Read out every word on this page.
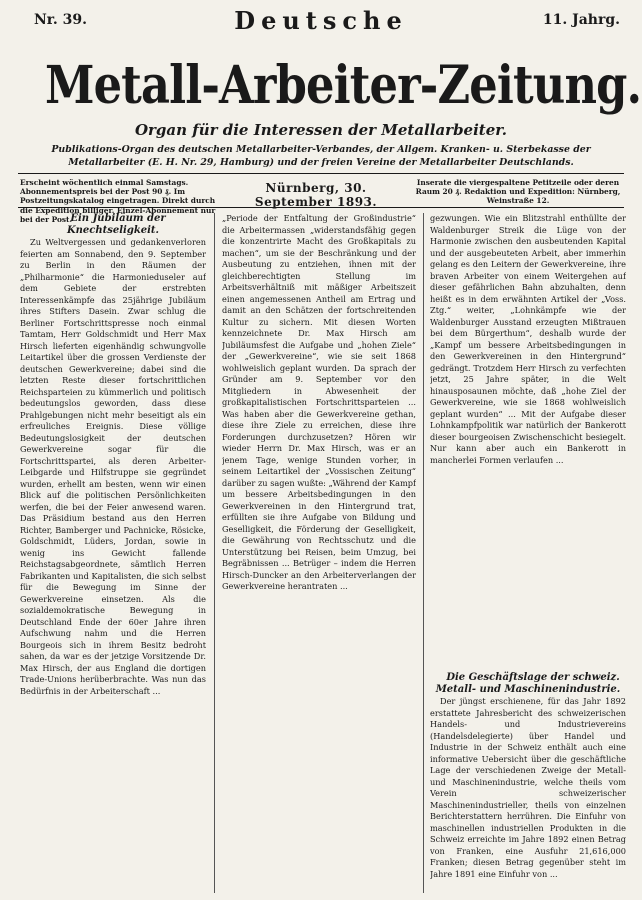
Nr. 39.	Deutsche	11. Jahrg.
Metall-Arbeiter-Zeitung.
Organ für die Interessen der Metallarbeiter.
Publikations-Organ des deutschen Metallarbeiter-Verbandes, der Allgem. Kranken- u. Sterbekasse der Metallarbeiter (E. H. Nr. 29, Hamburg) und der freien Vereine der Metallarbeiter Deutschlands.
Erscheint wöchentlich einmal Samstags. Abonnementspreis bei der Post 90 ₰. Im Postzeitungskatalog eingetragen. Direkt durch die Expedition billiger. Einzel-Abonnement nur bei der Post.
Nürnberg, 30. September 1893.
Inserate die viergespaltene Petitzeile oder deren Raum 20 ₰. Redaktion und Expedition: Nürnberg, Weinstraße 12.

Ein Jubiläum der Knechtseligkeit.

Zu Weltvergessen und gedankenverloren feierten am Sonnabend, den 9. September zu Berlin in den Räumen der „Philharmonie“ die Harmonieduseler auf dem Gebiete der erstrebten Interessenkämpfe das 25jährige Jubiläum ihres Stifters Dasein. Zwar schlug die Berliner Fortschrittspresse noch einmal Tamtam, Herr Goldschmidt und Herr Max Hirsch lieferten eigenhändig schwungvolle Leitartikel über die grossen Verdienste der deutschen Gewerkvereine; dabei sind die letzten Reste dieser fortschrittlichen Reichsparteien zu kümmerlich und politisch bedeutungslos geworden, dass diese Prahlgebungen nicht mehr beseitigt als ein erfreuliches Ereignis. Diese völlige Bedeutungslosigkeit der deutschen Gewerkvereine sogar für die Fortschrittspartei, als deren Arbeiter-Leibgarde und Hilfstruppe sie gegründet wurden, erhellt am besten, wenn wir einen Blick auf die politischen Persönlichkeiten werfen, die bei der Feier anwesend waren. Das Präsidium bestand aus den Herren Richter, Bamberger und Pachnicke, Rösicke, Goldschmidt, Lüders, Jordan, sowie in wenig ins Gewicht fallende Reichstagsabgeordnete, sämtlich Herren Fabrikanten und Kapitalisten, die sich selbst für die Bewegung im Sinne der Gewerkvereine einsetzen. Als die sozialdemokratische Bewegung in Deutschland Ende der 60er Jahre ihren Aufschwung nahm und die Herren Bourgeois sich in ihrem Besitz bedroht sahen, da war es der jetzige Vorsitzende Dr. Max Hirsch, der aus England die dortigen Trade-Unions herüberbrachte. Was nun das Bedürfnis in der Arbeiterschaft ...

„Periode der Entfaltung der Großindustrie“ die Arbeitermassen „widerstandsfähig gegen die konzentrirte Macht des Großkapitals zu machen“, um sie der Beschränkung und der Ausbeutung zu entziehen, ihnen mit der gleichberechtigten Stellung im Arbeitsverhältniß mit mäßiger Arbeitszeit einen angemessenen Antheil am Ertrag und damit an den Schätzen der fortschreitenden Kultur zu sichern. Mit diesen Worten kennzeichnete Dr. Max Hirsch am Jubiläumsfest die Aufgabe und „hohen Ziele“ der „Gewerkvereine“, wie sie seit 1868 wohlweislich geplant wurden. Da sprach der Gründer am 9. September vor den Mitgliedern in Abwesenheit der großkapitalistischen Fortschrittsparteien ... Was haben aber die Gewerkvereine gethan, diese ihre Ziele zu erreichen, diese ihre Forderungen durchzusetzen? Hören wir wieder Herrn Dr. Max Hirsch, was er an jenem Tage, wenige Stunden vorher, in seinem Leitartikel der „Vossischen Zeitung“ darüber zu sagen wußte: „Während der Kampf um bessere Arbeitsbedingungen in den Gewerkvereinen in den Hintergrund trat, erfüllten sie ihre Aufgabe von Bildung und Geselligkeit, die Förderung der Geselligkeit, die Gewährung von Rechtsschutz und die Unterstützung bei Reisen, beim Umzug, bei Begräbnissen ... Betrüger – indem die Herren Hirsch-Duncker an den Arbeiterverlangen der Gewerkvereine herantraten ...

gezwungen. Wie ein Blitzstrahl enthüllte der Waldenburger Streik die Lüge von der Harmonie zwischen den ausbeutenden Kapital und der ausgebeuteten Arbeit, aber immerhin gelang es den Leitern der Gewerkvereine, ihre braven Arbeiter von einem Weitergehen auf dieser gefährlichen Bahn abzuhalten, denn heißt es in dem erwähnten Artikel der „Voss. Ztg.“ weiter, „Lohnkämpfe wie der Waldenburger Ausstand erzeugten Mißtrauen bei dem Bürgerthum“, deshalb wurde der „Kampf um bessere Arbeitsbedingungen in den Gewerkvereinen in den Hintergrund“ gedrängt. Trotzdem Herr Hirsch zu verfechten jetzt, 25 Jahre später, in die Welt hinausposaunen möchte, daß „hohe Ziel der Gewerkvereine, wie sie 1868 wohlweislich geplant wurden“ ... Mit der Aufgabe dieser Lohnkampfpolitik war natürlich der Bankerott dieser bourgeoisen Zwischenschicht besiegelt. Nur kann aber auch ein Bankerott in mancherlei Formen verlaufen ...

Die Geschäftslage der schweiz. Metall- und Maschinenindustrie.

Der jüngst erschienene, für das Jahr 1892 erstattete Jahresbericht des schweizerischen Handels- und Industrievereins (Handelsdelegierte) über Handel und Industrie in der Schweiz enthält auch eine informative Uebersicht über die geschäftliche Lage der verschiedenen Zweige der Metall- und Maschinenindustrie, welche theils vom Verein schweizerischer Maschinenindustrieller, theils von einzelnen Berichterstattern herrühren. Die Einfuhr von maschinellen industriellen Produkten in die Schweiz erreichte im Jahre 1892 einen Betrag von Franken, eine Ausfuhr 21,616,000 Franken; diesen Betrag gegenüber steht im Jahre 1891 eine Einfuhr von ...
